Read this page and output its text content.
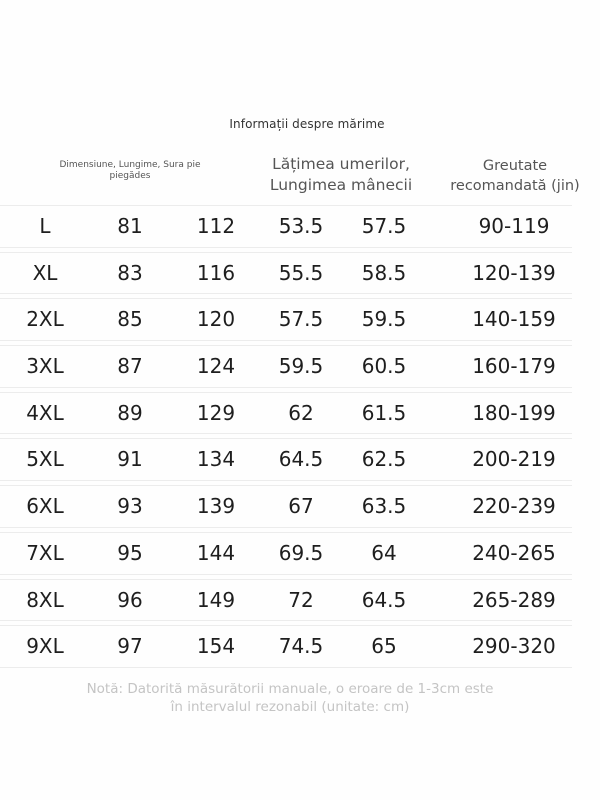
Informații despre mărime
Dimensiune, Lungime, Sura pie piegădes
Lățimea umerilor,
Lungimea mânecii
Greutate
recomandată (jin)
L	81	112	53.5	57.5	90-119
XL	83	116	55.5	58.5	120-139
2XL	85	120	57.5	59.5	140-159
3XL	87	124	59.5	60.5	160-179
4XL	89	129	62	61.5	180-199
5XL	91	134	64.5	62.5	200-219
6XL	93	139	67	63.5	220-239
7XL	95	144	69.5	64	240-265
8XL	96	149	72	64.5	265-289
9XL	97	154	74.5	65	290-320
Notă: Datorită măsurătorii manuale, o eroare de 1-3cm este
în intervalul rezonabil (unitate: cm)
